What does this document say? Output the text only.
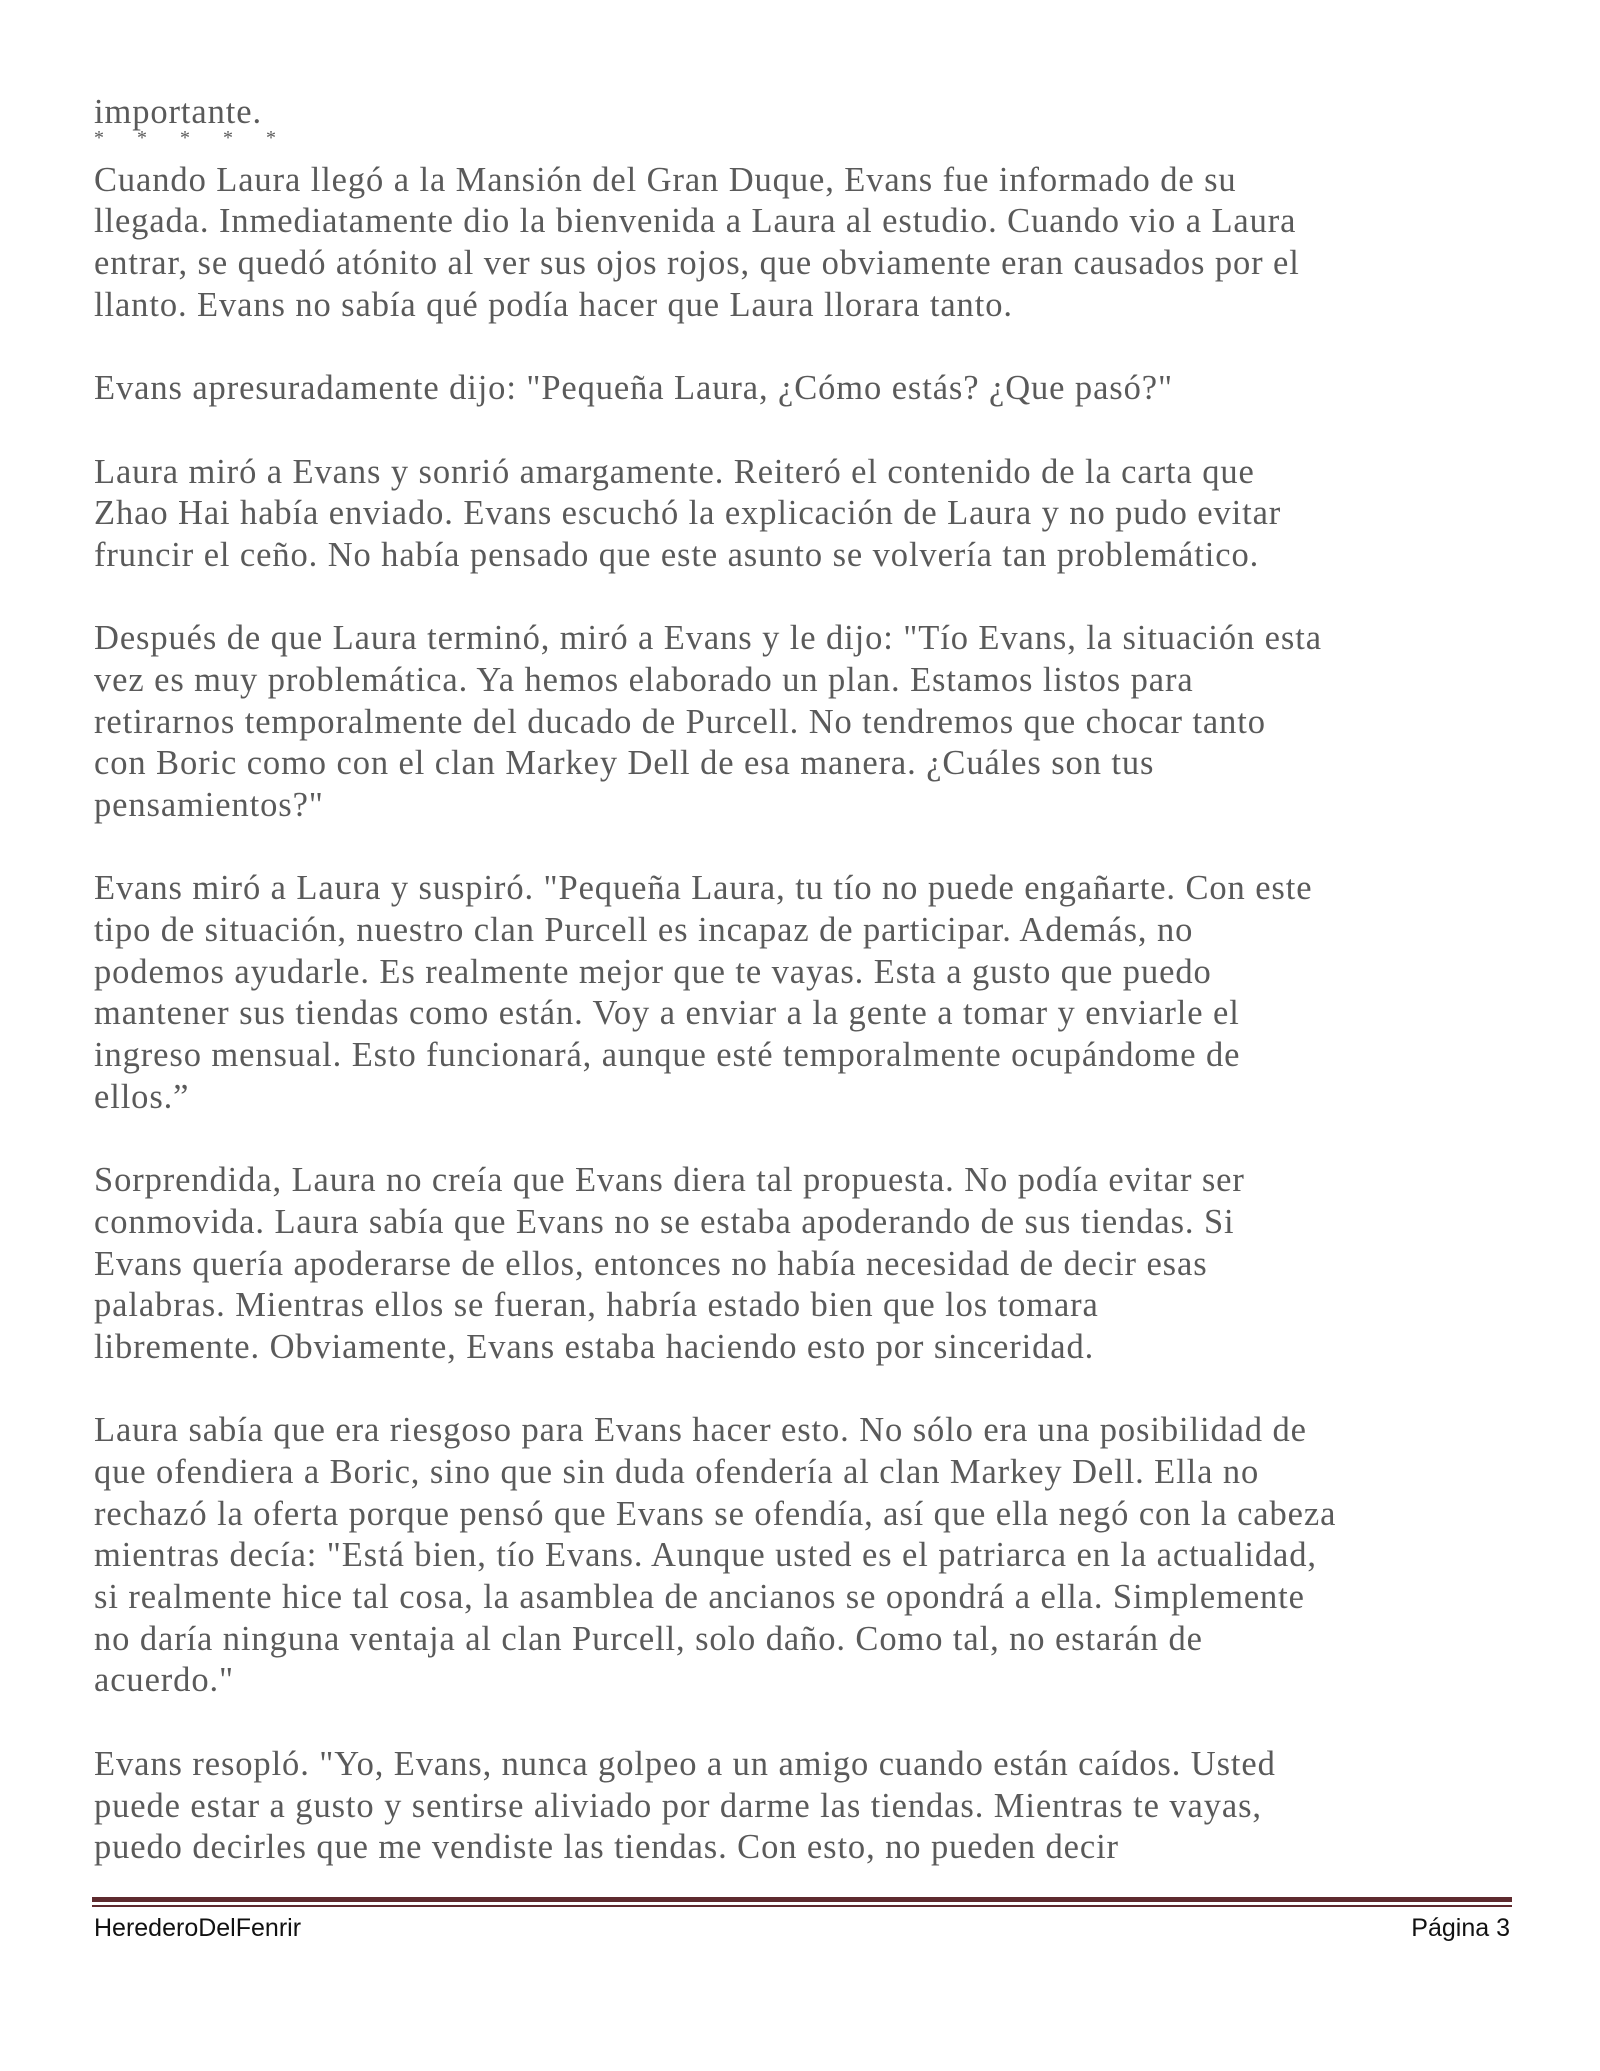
importante.
* * * * *
Cuando Laura llegó a la Mansión del Gran Duque, Evans fue informado de su
llegada. Inmediatamente dio la bienvenida a Laura al estudio. Cuando vio a Laura
entrar, se quedó atónito al ver sus ojos rojos, que obviamente eran causados por el
llanto. Evans no sabía qué podía hacer que Laura llorara tanto.
Evans apresuradamente dijo: "Pequeña Laura, ¿Cómo estás? ¿Que pasó?"
Laura miró a Evans y sonrió amargamente. Reiteró el contenido de la carta que
Zhao Hai había enviado. Evans escuchó la explicación de Laura y no pudo evitar
fruncir el ceño. No había pensado que este asunto se volvería tan problemático.
Después de que Laura terminó, miró a Evans y le dijo: "Tío Evans, la situación esta
vez es muy problemática. Ya hemos elaborado un plan. Estamos listos para
retirarnos temporalmente del ducado de Purcell. No tendremos que chocar tanto
con Boric como con el clan Markey Dell de esa manera. ¿Cuáles son tus
pensamientos?"
Evans miró a Laura y suspiró. "Pequeña Laura, tu tío no puede engañarte. Con este
tipo de situación, nuestro clan Purcell es incapaz de participar. Además, no
podemos ayudarle. Es realmente mejor que te vayas. Esta a gusto que puedo
mantener sus tiendas como están. Voy a enviar a la gente a tomar y enviarle el
ingreso mensual. Esto funcionará, aunque esté temporalmente ocupándome de
ellos.”
Sorprendida, Laura no creía que Evans diera tal propuesta. No podía evitar ser
conmovida. Laura sabía que Evans no se estaba apoderando de sus tiendas. Si
Evans quería apoderarse de ellos, entonces no había necesidad de decir esas
palabras. Mientras ellos se fueran, habría estado bien que los tomara
libremente. Obviamente, Evans estaba haciendo esto por sinceridad.
Laura sabía que era riesgoso para Evans hacer esto. No sólo era una posibilidad de
que ofendiera a Boric, sino que sin duda ofendería al clan Markey Dell. Ella no
rechazó la oferta porque pensó que Evans se ofendía, así que ella negó con la cabeza
mientras decía: "Está bien, tío Evans. Aunque usted es el patriarca en la actualidad,
si realmente hice tal cosa, la asamblea de ancianos se opondrá a ella. Simplemente
no daría ninguna ventaja al clan Purcell, solo daño. Como tal, no estarán de
acuerdo."
Evans resopló. "Yo, Evans, nunca golpeo a un amigo cuando están caídos. Usted
puede estar a gusto y sentirse aliviado por darme las tiendas. Mientras te vayas,
puedo decirles que me vendiste las tiendas. Con esto, no pueden decir
HerederoDelFenrir	Página 3
